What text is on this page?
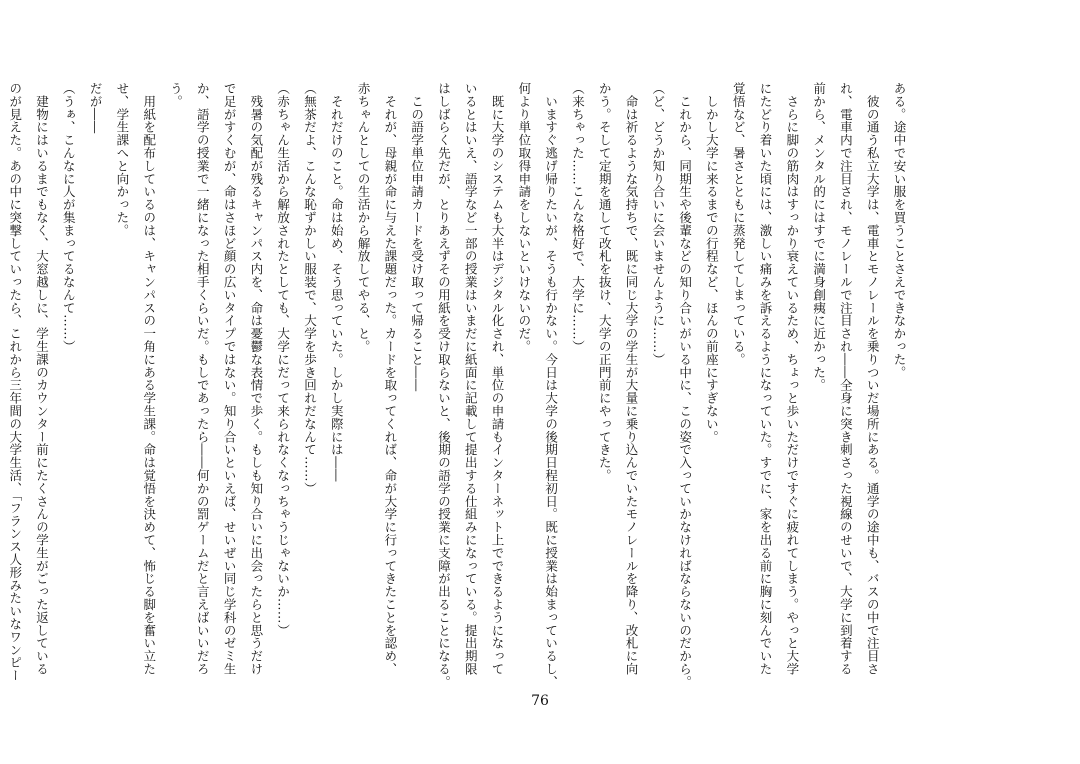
ある。途中で安い服を買うことさえできなかった。
　彼の通う私立大学は、電車とモノレールを乗りついだ場所にある。通学の途中も、バスの中で注目さ
れ、電車内で注目され、モノレールで注目され――全身に突き刺さった視線のせいで、大学に到着する
前から、メンタル的にはすでに満身創痍に近かった。
　さらに脚の筋肉はすっかり衰えているため、ちょっと歩いただけですぐに疲れてしまう。やっと大学
にたどり着いた頃には、激しい痛みを訴えるようになっていた。すでに、家を出る前に胸に刻んでいた
覚悟など、暑さとともに蒸発してしまっている。
　しかし大学に来るまでの行程など、ほんの前座にすぎない。
　これから、同期生や後輩などの知り合いがいる中に、この姿で入っていかなければならないのだから。
（ど、どうか知り合いに会いませんように……）
　命は祈るような気持ちで、既に同じ大学の学生が大量に乗り込んでいたモノレールを降り、改札に向
かう。そして定期を通して改札を抜け、大学の正門前にやってきた。
（来ちゃった……こんな格好で、大学に……）
　いますぐ逃げ帰りたいが、そうも行かない。今日は大学の後期日程初日。既に授業は始まっているし、
何より単位取得申請をしないといけないのだ。
　既に大学のシステムも大半はデジタル化され、単位の申請もインターネット上でできるようになって
いるとはいえ、語学など一部の授業はいまだに紙面に記載して提出する仕組みになっている。提出期限
はしばらく先だが、とりあえずその用紙を受け取らないと、後期の語学の授業に支障が出ることになる。
　この語学単位申請カードを受け取って帰ること――
　それが、母親が命に与えた課題だった。カードを取ってくれば、命が大学に行ってきたことを認め、
赤ちゃんとしての生活から解放してやる、と。
　それだけのこと。命は始め、そう思っていた。しかし実際には――
（無茶だよ、こんな恥ずかしい服装で、大学を歩き回れだなんて……）
（赤ちゃん生活から解放されたとしても、大学にだって来られなくなっちゃうじゃないか……）
　残暑の気配が残るキャンパス内を、命は憂鬱な表情で歩く。もしも知り合いに出会ったらと思うだけ
で足がすくむが、命はさほど顔の広いタイプではない。知り合いといえば、せいぜい同じ学科のゼミ生
か、語学の授業で一緒になった相手くらいだ。もしであったら――何かの罰ゲームだと言えばいいだろ
う。
　用紙を配布しているのは、キャンパスの一角にある学生課。命は覚悟を決めて、怖じる脚を奮い立た
せ、学生課へと向かった。
だが――
（うぁ、こんなに人が集まってるなんて……）
　建物にはいるまでもなく、大窓越しに、学生課のカウンター前にたくさんの学生がごった返している
のが見えた。あの中に突撃していったら、これから三年間の大学生活、「フランス人形みたいなワンピー
76
